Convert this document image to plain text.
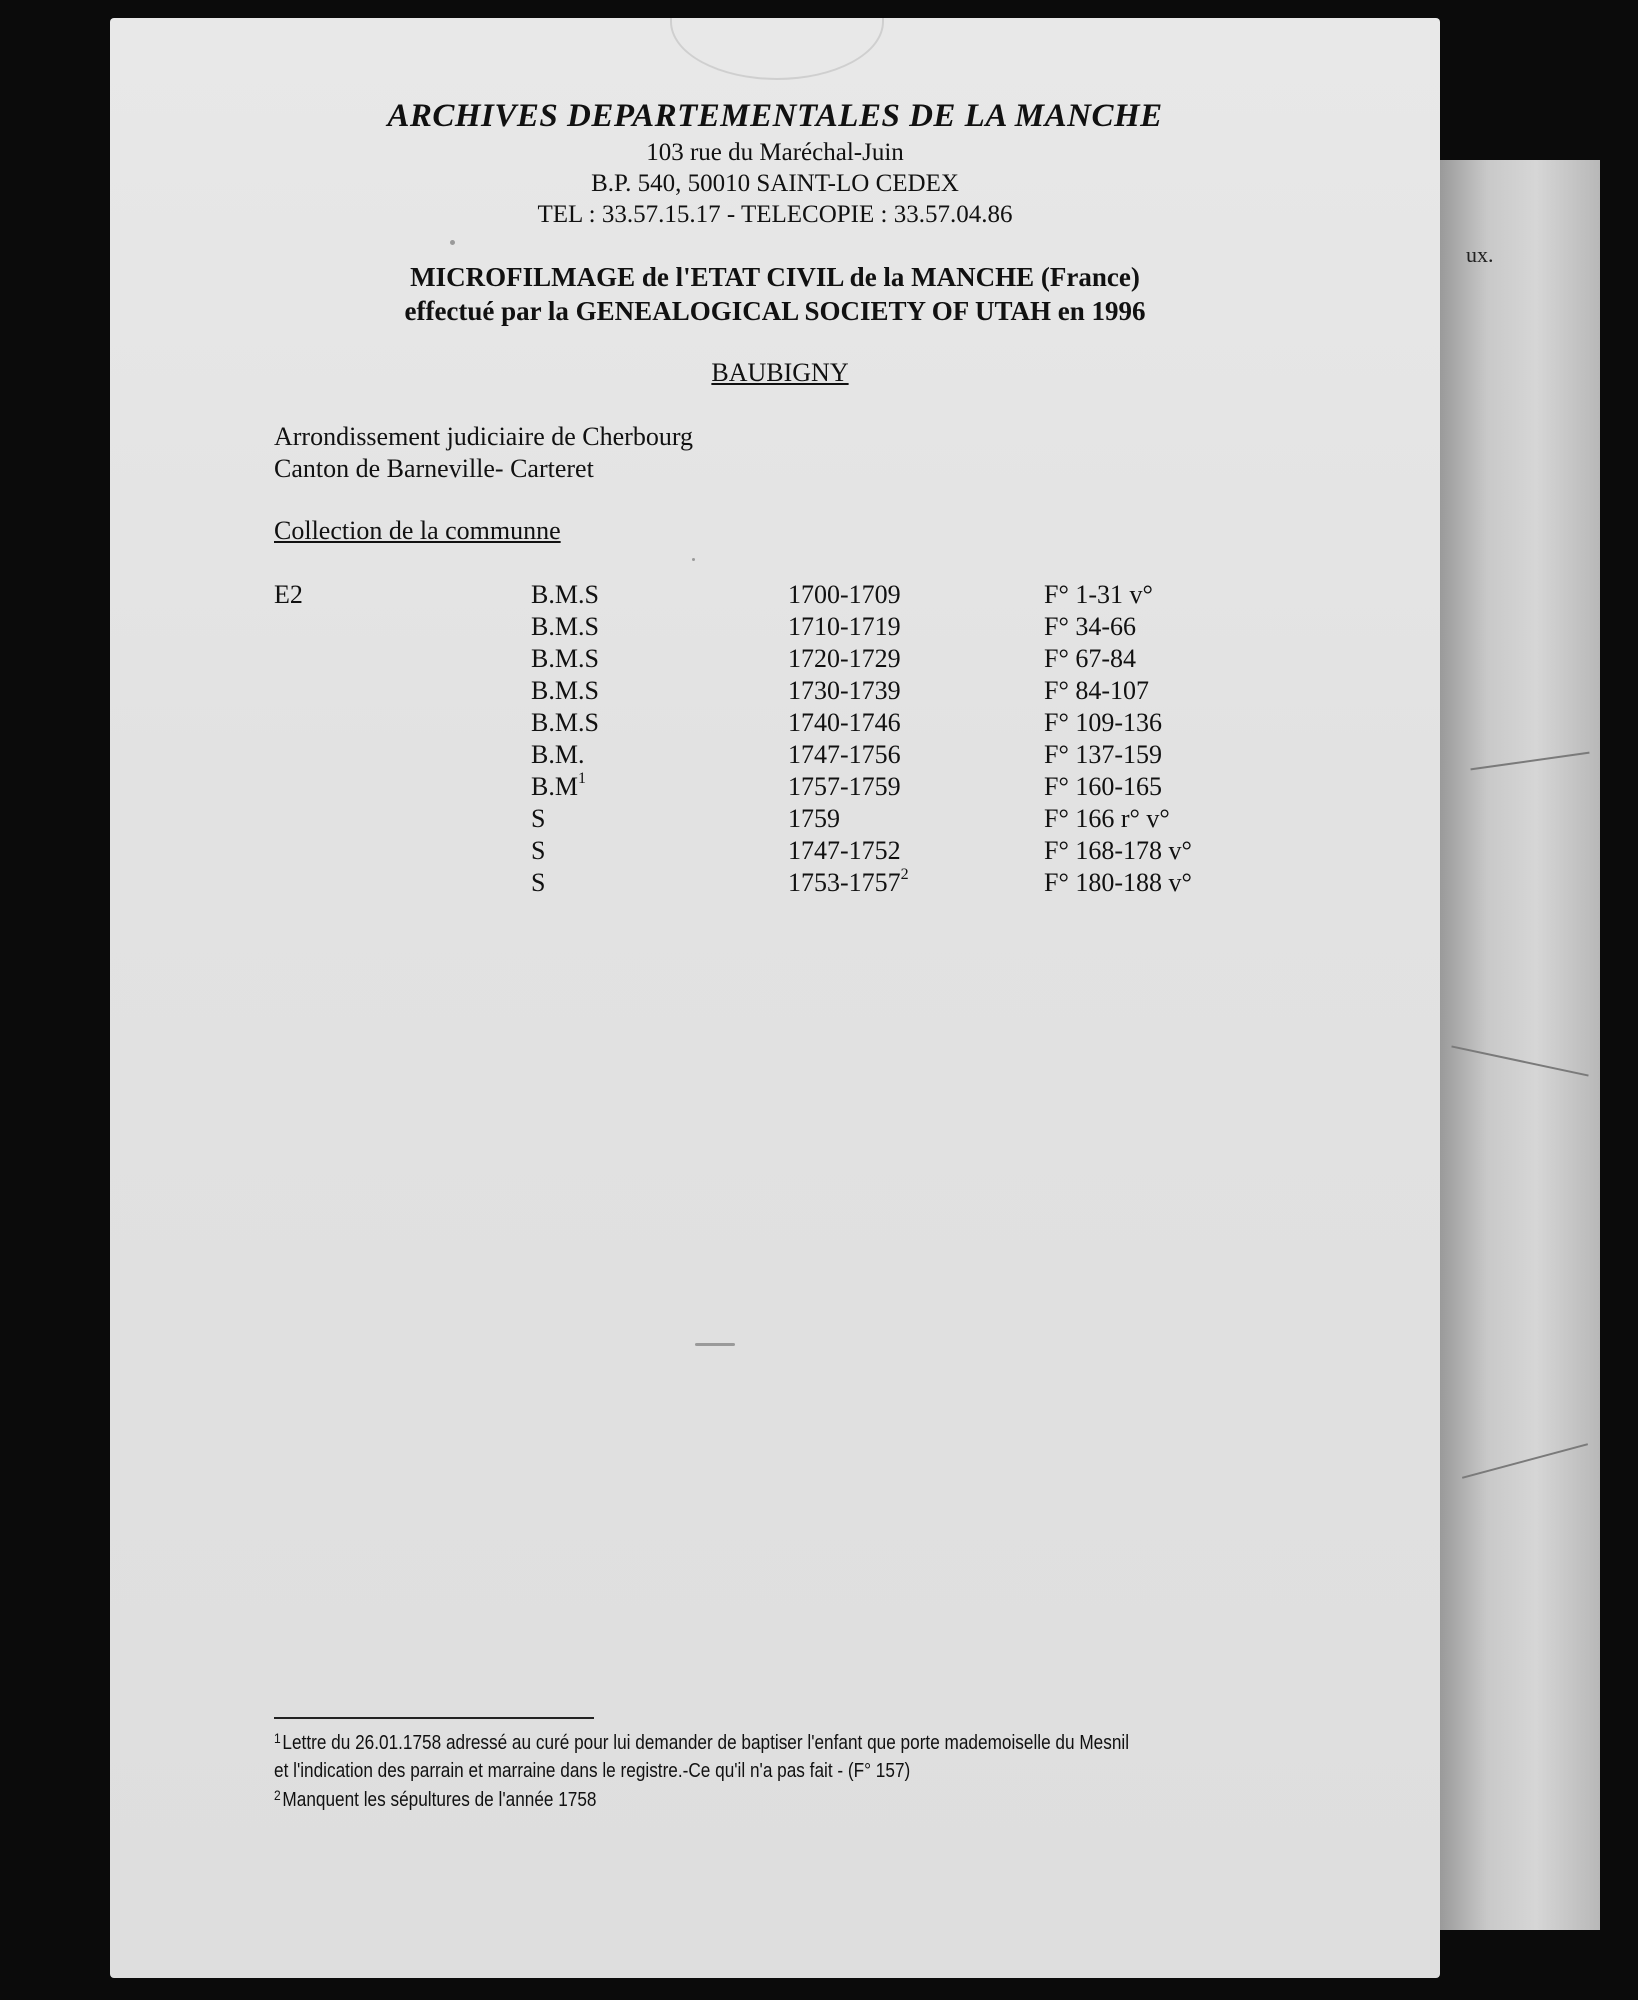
ux.
ARCHIVES DEPARTEMENTALES DE LA MANCHE
103 rue du Maréchal-Juin
B.P. 540, 50010 SAINT-LO CEDEX
TEL : 33.57.15.17 - TELECOPIE : 33.57.04.86
MICROFILMAGE de l'ETAT CIVIL de la MANCHE (France)
effectué par la GENEALOGICAL SOCIETY OF UTAH en 1996
BAUBIGNY
Arrondissement judiciaire de Cherbourg
Canton de Barneville- Carteret
Collection de la communne
E2	B.M.S	1700-1709	F° 1-31 v°
B.M.S	1710-1719	F° 34-66
B.M.S	1720-1729	F° 67-84
B.M.S	1730-1739	F° 84-107
B.M.S	1740-1746	F° 109-136
B.M.	1747-1756	F° 137-159
B.M$^1$	1757-1759	F° 160-165
S	1759	F° 166 r° v°
S	1747-1752	F° 168-178 v°
S	1753-1757$^2$	F° 180-188 v°
$^1$Lettre du 26.01.1758 adressé au curé pour lui demander de baptiser l'enfant que porte mademoiselle du Mesnil
et l'indication des parrain et marraine dans le registre.-Ce qu'il n'a pas fait - (F° 157)
$^2$Manquent les sépultures de l'année 1758
